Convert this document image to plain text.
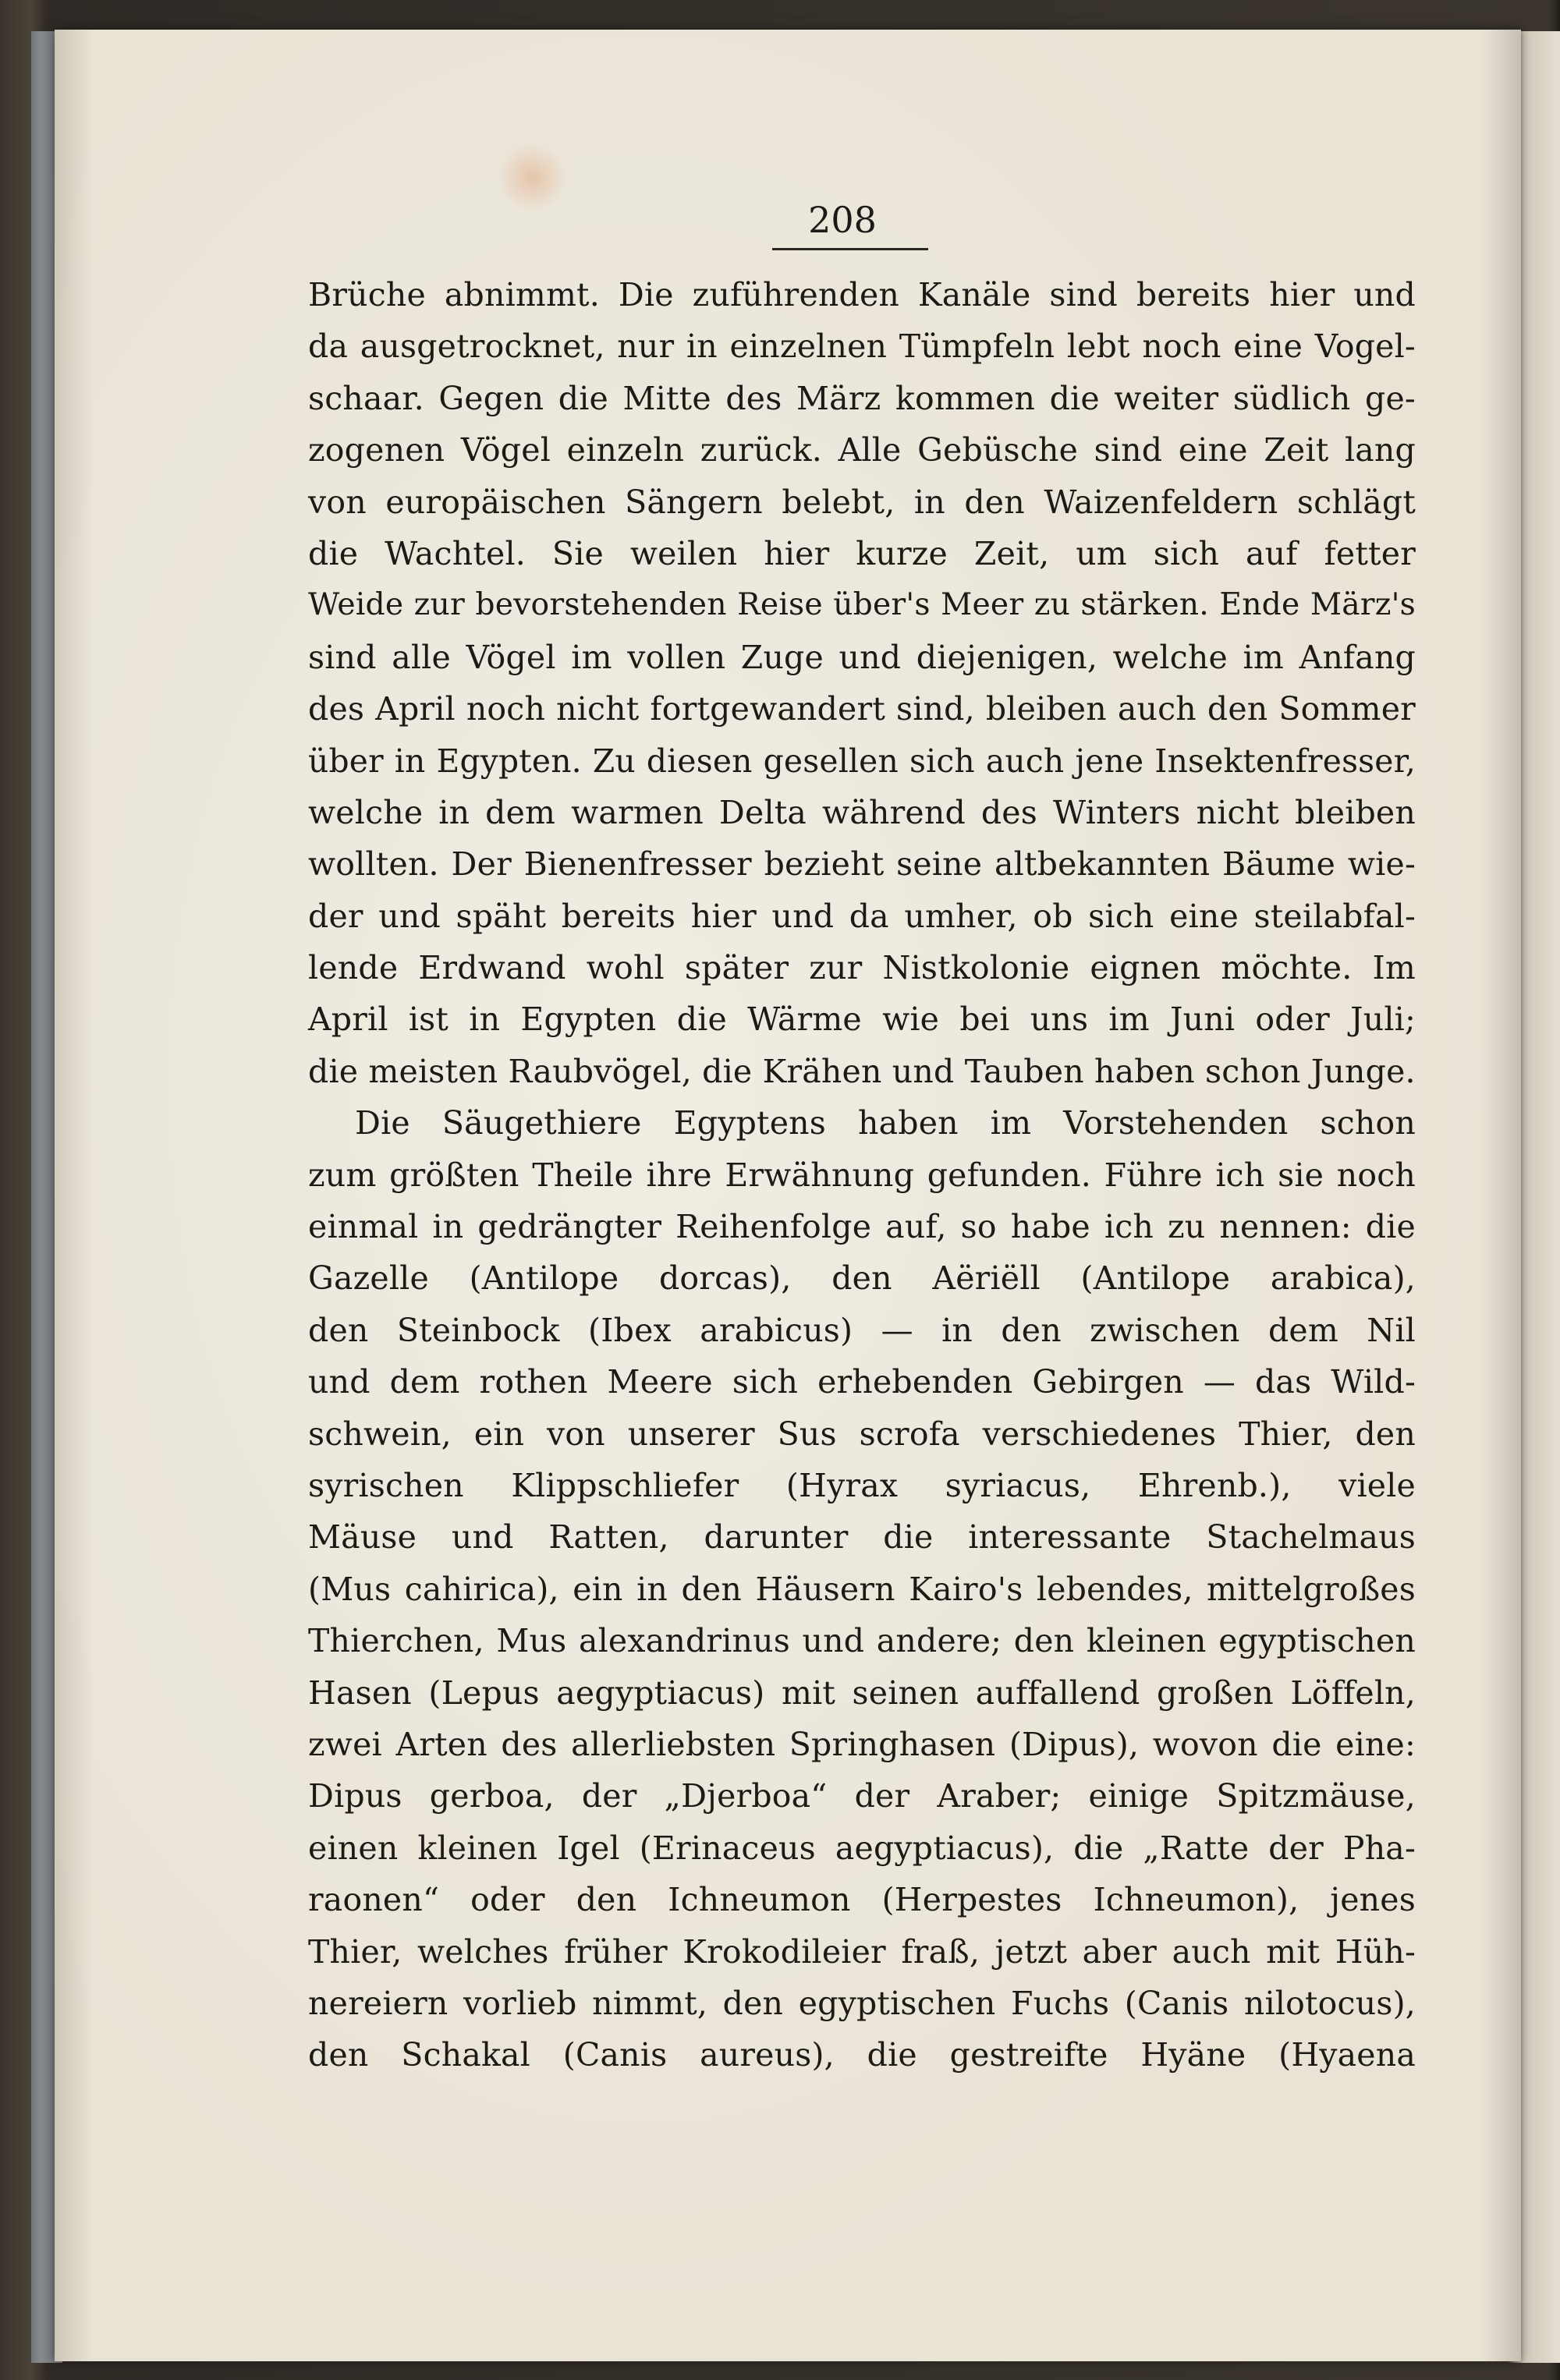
208
Brüche abnimmt. Die zuführenden Kanäle sind bereits hier und
da ausgetrocknet, nur in einzelnen Tümpfeln lebt noch eine Vogel-
schaar. Gegen die Mitte des März kommen die weiter südlich ge-
zogenen Vögel einzeln zurück. Alle Gebüsche sind eine Zeit lang
von europäischen Sängern belebt, in den Waizenfeldern schlägt
die Wachtel. Sie weilen hier kurze Zeit, um sich auf fetter
Weide zur bevorstehenden Reise über's Meer zu stärken. Ende März's
sind alle Vögel im vollen Zuge und diejenigen, welche im Anfang
des April noch nicht fortgewandert sind, bleiben auch den Sommer
über in Egypten. Zu diesen gesellen sich auch jene Insektenfresser,
welche in dem warmen Delta während des Winters nicht bleiben
wollten. Der Bienenfresser bezieht seine altbekannten Bäume wie-
der und späht bereits hier und da umher, ob sich eine steilabfal-
lende Erdwand wohl später zur Nistkolonie eignen möchte. Im
April ist in Egypten die Wärme wie bei uns im Juni oder Juli;
die meisten Raubvögel, die Krähen und Tauben haben schon Junge.
Die Säugethiere Egyptens haben im Vorstehenden schon
zum größten Theile ihre Erwähnung gefunden. Führe ich sie noch
einmal in gedrängter Reihenfolge auf, so habe ich zu nennen: die
Gazelle (Antilope dorcas), den Aëriëll (Antilope arabica),
den Steinbock (Ibex arabicus) — in den zwischen dem Nil
und dem rothen Meere sich erhebenden Gebirgen — das Wild-
schwein, ein von unserer Sus scrofa verschiedenes Thier, den
syrischen Klippschliefer (Hyrax syriacus, Ehrenb.), viele
Mäuse und Ratten, darunter die interessante Stachelmaus
(Mus cahirica), ein in den Häusern Kairo's lebendes, mittelgroßes
Thierchen, Mus alexandrinus und andere; den kleinen egyptischen
Hasen (Lepus aegyptiacus) mit seinen auffallend großen Löffeln,
zwei Arten des allerliebsten Springhasen (Dipus), wovon die eine:
Dipus gerboa, der „Djerboa“ der Araber; einige Spitzmäuse,
einen kleinen Igel (Erinaceus aegyptiacus), die „Ratte der Pha-
raonen“ oder den Ichneumon (Herpestes Ichneumon), jenes
Thier, welches früher Krokodileier fraß, jetzt aber auch mit Hüh-
nereiern vorlieb nimmt, den egyptischen Fuchs (Canis nilotocus),
den Schakal (Canis aureus), die gestreifte Hyäne (Hyaena
